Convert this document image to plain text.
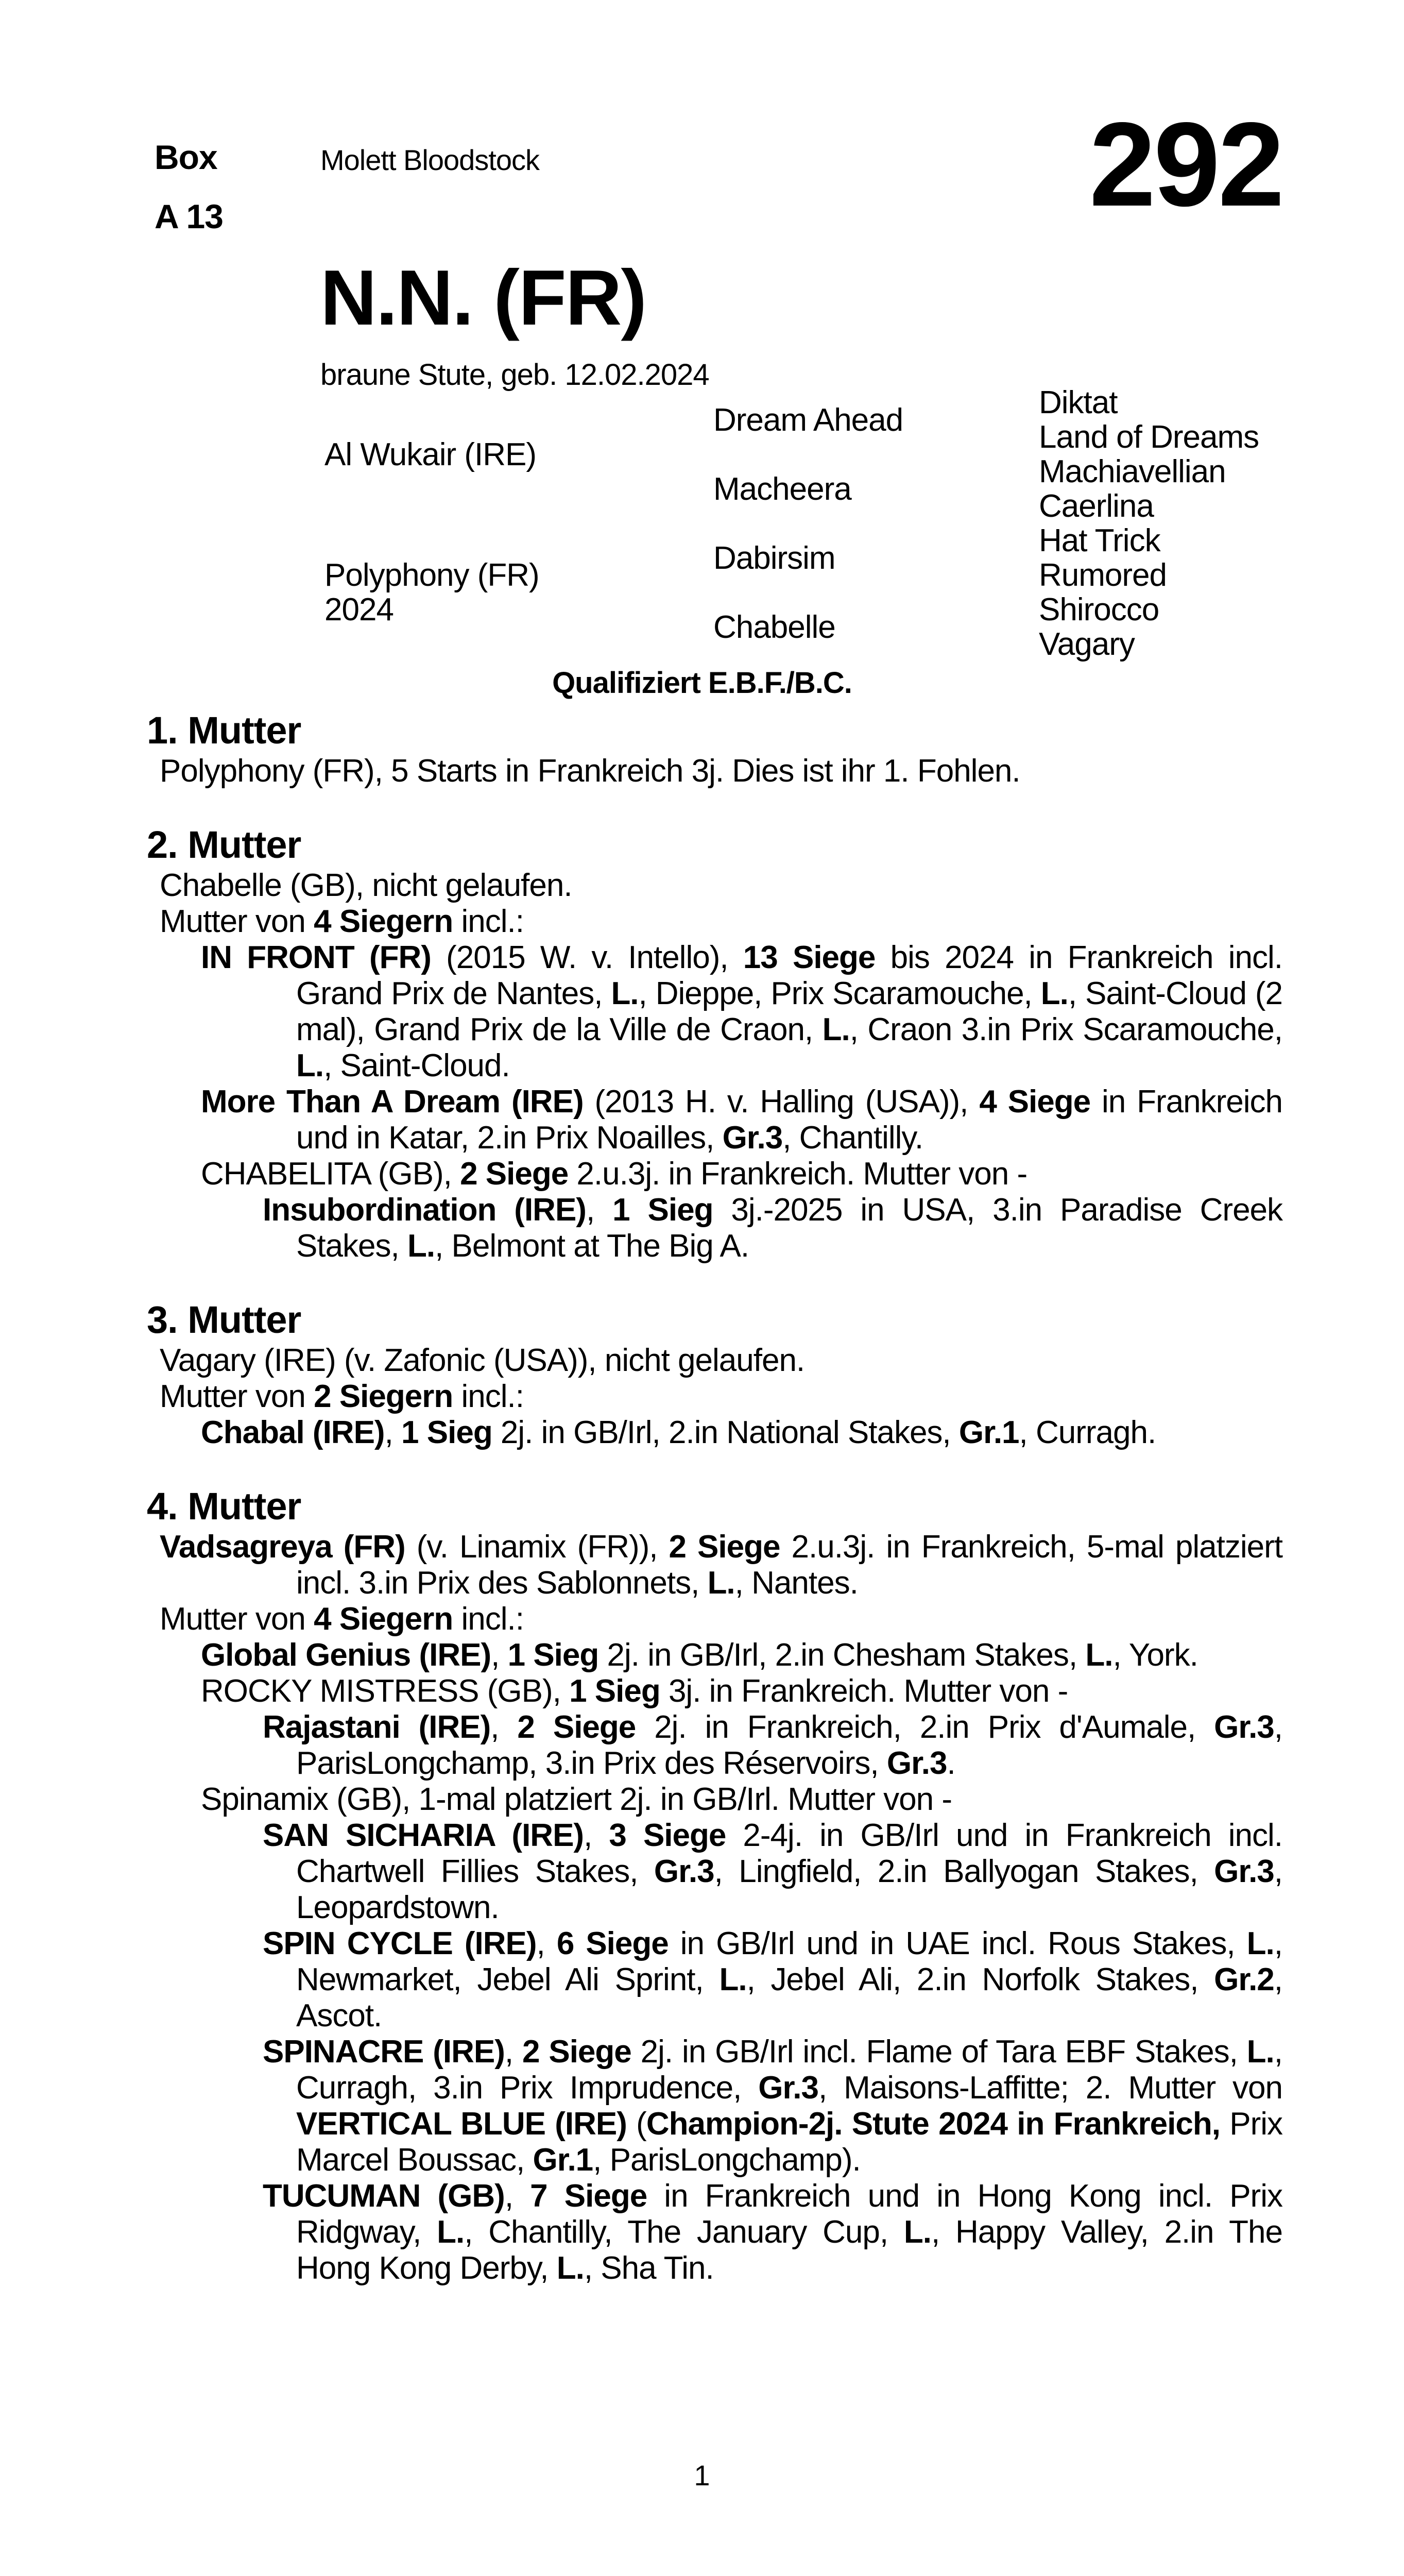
Box
A 13
Molett Bloodstock	292
N.N. (FR)
braune Stute, geb. 12.02.2024
Al Wukair (IRE)
Polyphony (FR)
2024
Dream Ahead
Macheera
Dabirsim
Chabelle
Diktat
Land of Dreams
Machiavellian
Caerlina
Hat Trick
Rumored
Shirocco
Vagary
Qualifiziert E.B.F./B.C.
1. Mutter
Polyphony (FR), 5 Starts in Frankreich 3j. Dies ist ihr 1. Fohlen.
2. Mutter
Chabelle (GB), nicht gelaufen.
Mutter von 4 Siegern incl.:
IN FRONT (FR) (2015 W. v. Intello), 13 Siege bis 2024 in Frankreich incl. Grand Prix de Nantes, L., Dieppe, Prix Scaramouche, L., Saint-Cloud (2 mal), Grand Prix de la Ville de Craon, L., Craon 3.in Prix Scaramouche, L., Saint-Cloud.
More Than A Dream (IRE) (2013 H. v. Halling (USA)), 4 Siege in Frankreich und in Katar, 2.in Prix Noailles, Gr.3, Chantilly.
CHABELITA (GB), 2 Siege 2.u.3j. in Frankreich. Mutter von -
Insubordination (IRE), 1 Sieg 3j.-2025 in USA, 3.in Paradise Creek Stakes, L., Belmont at The Big A.
3. Mutter
Vagary (IRE) (v. Zafonic (USA)), nicht gelaufen.
Mutter von 2 Siegern incl.:
Chabal (IRE), 1 Sieg 2j. in GB/Irl, 2.in National Stakes, Gr.1, Curragh.
4. Mutter
Vadsagreya (FR) (v. Linamix (FR)), 2 Siege 2.u.3j. in Frankreich, 5-mal platziert incl. 3.in Prix des Sablonnets, L., Nantes.
Mutter von 4 Siegern incl.:
Global Genius (IRE), 1 Sieg 2j. in GB/Irl, 2.in Chesham Stakes, L., York.
ROCKY MISTRESS (GB), 1 Sieg 3j. in Frankreich. Mutter von -
Rajastani (IRE), 2 Siege 2j. in Frankreich, 2.in Prix d'Aumale, Gr.3, ParisLongchamp, 3.in Prix des Réservoirs, Gr.3.
Spinamix (GB), 1-mal platziert 2j. in GB/Irl. Mutter von -
SAN SICHARIA (IRE), 3 Siege 2-4j. in GB/Irl und in Frankreich incl. Chartwell Fillies Stakes, Gr.3, Lingfield, 2.in Ballyogan Stakes, Gr.3, Leopardstown.
SPIN CYCLE (IRE), 6 Siege in GB/Irl und in UAE incl. Rous Stakes, L., Newmarket, Jebel Ali Sprint, L., Jebel Ali, 2.in Norfolk Stakes, Gr.2, Ascot.
SPINACRE (IRE), 2 Siege 2j. in GB/Irl incl. Flame of Tara EBF Stakes, L., Curragh, 3.in Prix Imprudence, Gr.3, Maisons-Laffitte; 2. Mutter von VERTICAL BLUE (IRE) (Champion-2j. Stute 2024 in Frankreich, Prix Marcel Boussac, Gr.1, ParisLongchamp).
TUCUMAN (GB), 7 Siege in Frankreich und in Hong Kong incl. Prix Ridgway, L., Chantilly, The January Cup, L., Happy Valley, 2.in The Hong Kong Derby, L., Sha Tin.
1
